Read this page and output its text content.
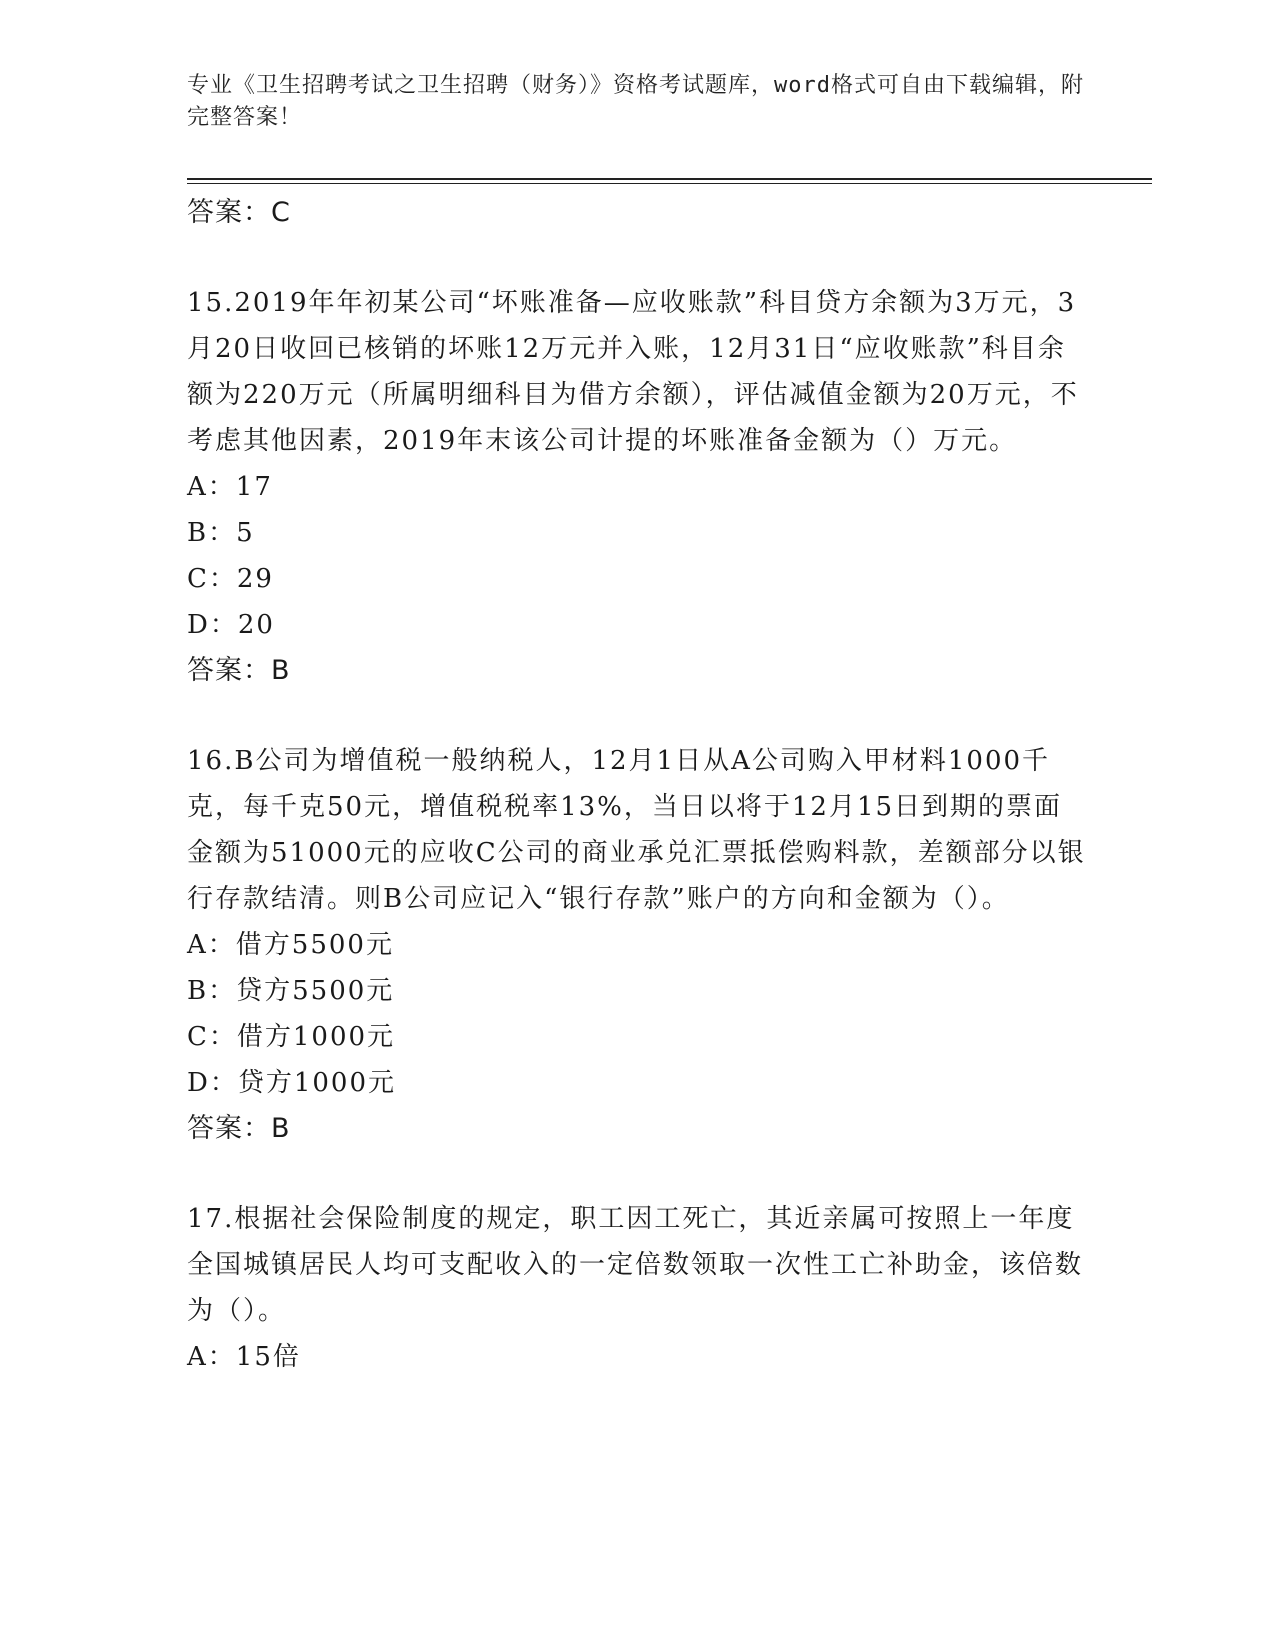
专业《卫生招聘考试之卫生招聘（财务）》资格考试题库，word格式可自由下载编辑，附完整答案！

答案：C

15.2019年年初某公司“坏账准备—应收账款”科目贷方余额为3万元，3月20日收回已核销的坏账12万元并入账，12月31日“应收账款”科目余额为220万元（所属明细科目为借方余额），评估减值金额为20万元，不考虑其他因素，2019年末该公司计提的坏账准备金额为（）万元。

A：17

B：5

C：29

D：20

答案：B

16.B公司为增值税一般纳税人，12月1日从A公司购入甲材料1000千克，每千克50元，增值税税率13%，当日以将于12月15日到期的票面金额为51000元的应收C公司的商业承兑汇票抵偿购料款，差额部分以银行存款结清。则B公司应记入“银行存款”账户的方向和金额为（）。

A：借方5500元

B：贷方5500元

C：借方1000元

D：贷方1000元

答案：B

17.根据社会保险制度的规定，职工因工死亡，其近亲属可按照上一年度全国城镇居民人均可支配收入的一定倍数领取一次性工亡补助金，该倍数为（）。

A：15倍
